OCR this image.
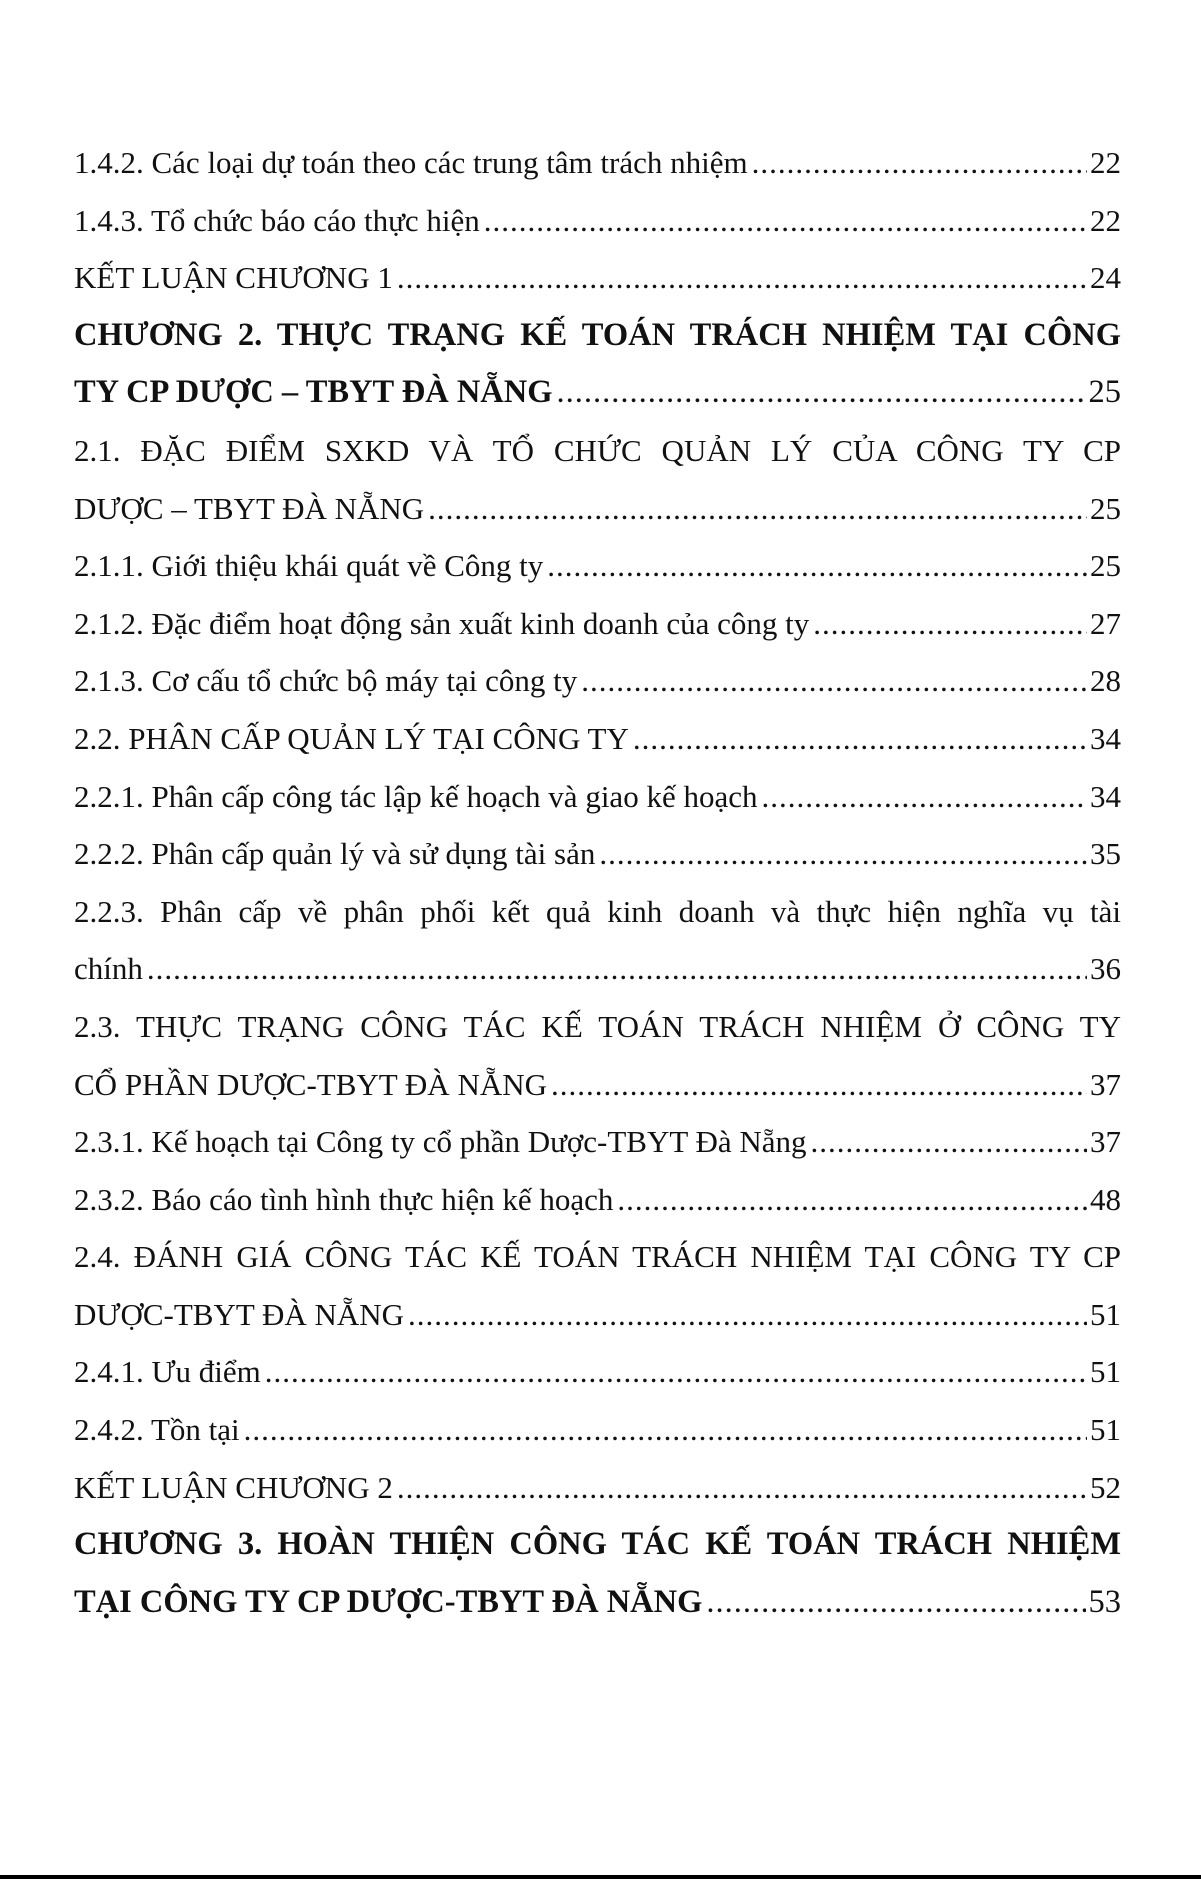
1.4.2. Các loại dự toán theo các trung tâm trách nhiệm .....	22
1.4.3. Tổ chức báo cáo thực hiện .....	22
KẾT LUẬN CHƯƠNG 1 .....	24
CHƯƠNG 2. THỰC TRẠNG KẾ TOÁN TRÁCH NHIỆM TẠI CÔNG
TY CP DƯỢC – TBYT ĐÀ NẴNG .....	25
2.1. ĐẶC ĐIỂM SXKD VÀ TỔ CHỨC QUẢN LÝ CỦA CÔNG TY CP
DƯỢC – TBYT ĐÀ NẴNG .....	25
2.1.1. Giới thiệu khái quát về Công ty .....	25
2.1.2. Đặc điểm hoạt động sản xuất kinh doanh của công ty .....	27
2.1.3. Cơ cấu tổ chức bộ máy tại công ty .....	28
2.2. PHÂN CẤP QUẢN LÝ TẠI CÔNG TY .....	34
2.2.1. Phân cấp công tác lập kế hoạch và giao kế hoạch .....	34
2.2.2. Phân cấp quản lý và sử dụng tài sản .....	35
2.2.3. Phân cấp về phân phối kết quả kinh doanh và thực hiện nghĩa vụ tài
chính .....	36
2.3. THỰC TRẠNG CÔNG TÁC KẾ TOÁN TRÁCH NHIỆM Ở CÔNG TY
CỔ PHẦN DƯỢC-TBYT ĐÀ NẴNG .....	37
2.3.1. Kế hoạch tại Công ty cổ phần Dược-TBYT Đà Nẵng .....	37
2.3.2. Báo cáo tình hình thực hiện kế hoạch .....	48
2.4. ĐÁNH GIÁ CÔNG TÁC KẾ TOÁN TRÁCH NHIỆM TẠI CÔNG TY CP
DƯỢC-TBYT ĐÀ NẴNG .....	51
2.4.1. Ưu điểm .....	51
2.4.2. Tồn tại .....	51
KẾT LUẬN CHƯƠNG 2 .....	52
CHƯƠNG 3. HOÀN THIỆN CÔNG TÁC KẾ TOÁN TRÁCH NHIỆM
TẠI CÔNG TY CP DƯỢC-TBYT ĐÀ NẴNG .....	53
